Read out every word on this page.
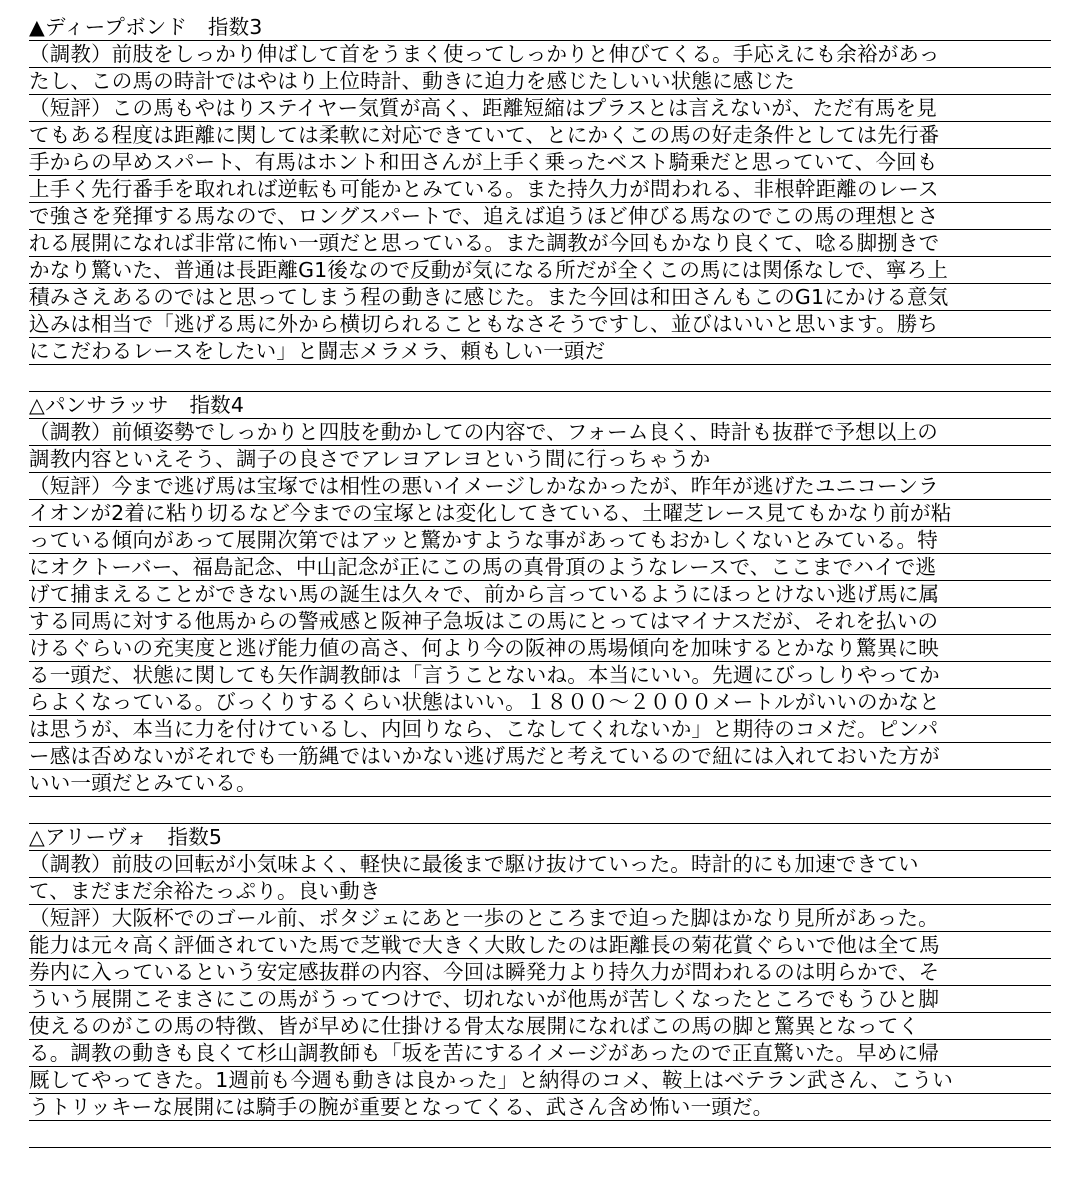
▲ディープボンド　指数3
（調教）前肢をしっかり伸ばして首をうまく使ってしっかりと伸びてくる。手応えにも余裕があっ
たし、この馬の時計ではやはり上位時計、動きに迫力を感じたしいい状態に感じた
（短評）この馬もやはりステイヤー気質が高く、距離短縮はプラスとは言えないが、ただ有馬を見
てもある程度は距離に関しては柔軟に対応できていて、とにかくこの馬の好走条件としては先行番
手からの早めスパート、有馬はホント和田さんが上手く乗ったベスト騎乗だと思っていて、今回も
上手く先行番手を取れれば逆転も可能かとみている。また持久力が問われる、非根幹距離のレース
で強さを発揮する馬なので、ロングスパートで、追えば追うほど伸びる馬なのでこの馬の理想とさ
れる展開になれば非常に怖い一頭だと思っている。また調教が今回もかなり良くて、唸る脚捌きで
かなり驚いた、普通は長距離G1後なので反動が気になる所だが全くこの馬には関係なしで、寧ろ上
積みさえあるのではと思ってしまう程の動きに感じた。また今回は和田さんもこのG1にかける意気
込みは相当で「逃げる馬に外から横切られることもなさそうですし、並びはいいと思います。勝ち
にこだわるレースをしたい」と闘志メラメラ、頼もしい一頭だ
△パンサラッサ　指数4
（調教）前傾姿勢でしっかりと四肢を動かしての内容で、フォーム良く、時計も抜群で予想以上の
調教内容といえそう、調子の良さでアレヨアレヨという間に行っちゃうか
（短評）今まで逃げ馬は宝塚では相性の悪いイメージしかなかったが、昨年が逃げたユニコーンラ
イオンが2着に粘り切るなど今までの宝塚とは変化してきている、土曜芝レース見てもかなり前が粘
っている傾向があって展開次第ではアッと驚かすような事があってもおかしくないとみている。特
にオクトーバー、福島記念、中山記念が正にこの馬の真骨頂のようなレースで、ここまでハイで逃
げて捕まえることができない馬の誕生は久々で、前から言っているようにほっとけない逃げ馬に属
する同馬に対する他馬からの警戒感と阪神子急坂はこの馬にとってはマイナスだが、それを払いの
けるぐらいの充実度と逃げ能力値の高さ、何より今の阪神の馬場傾向を加味するとかなり驚異に映
る一頭だ、状態に関しても矢作調教師は「言うことないね。本当にいい。先週にびっしりやってか
らよくなっている。びっくりするくらい状態はいい。１８００～２０００メートルがいいのかなと
は思うが、本当に力を付けているし、内回りなら、こなしてくれないか」と期待のコメだ。ピンパ
ー感は否めないがそれでも一筋縄ではいかない逃げ馬だと考えているので紐には入れておいた方が
いい一頭だとみている。
△アリーヴォ　指数5
（調教）前肢の回転が小気味よく、軽快に最後まで駆け抜けていった。時計的にも加速できてい
て、まだまだ余裕たっぷり。良い動き
（短評）大阪杯でのゴール前、ポタジェにあと一歩のところまで迫った脚はかなり見所があった。
能力は元々高く評価されていた馬で芝戦で大きく大敗したのは距離長の菊花賞ぐらいで他は全て馬
券内に入っているという安定感抜群の内容、今回は瞬発力より持久力が問われるのは明らかで、そ
ういう展開こそまさにこの馬がうってつけで、切れないが他馬が苦しくなったところでもうひと脚
使えるのがこの馬の特徴、皆が早めに仕掛ける骨太な展開になればこの馬の脚と驚異となってく
る。調教の動きも良くて杉山調教師も「坂を苦にするイメージがあったので正直驚いた。早めに帰
厩してやってきた。1週前も今週も動きは良かった」と納得のコメ、鞍上はベテラン武さん、こうい
うトリッキーな展開には騎手の腕が重要となってくる、武さん含め怖い一頭だ。
